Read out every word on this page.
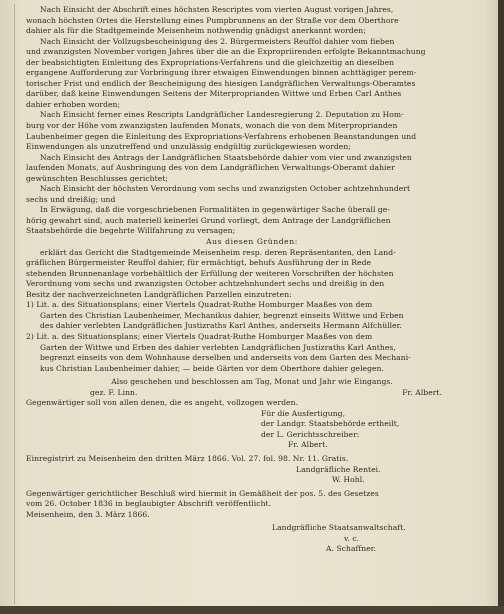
Nach Einsicht der Abschrift eines höchsten Rescriptes vom vierten August vorigen Jahres,
wonach höchsten Ortes die Herstellung eines Pumpbrunnens an der Straße vor dem Oberthore
dahier als für die Stadtgemeinde Meisenheim nothwendig gnädigst anerkannt worden;
Nach Einsicht der Vollzugsbescheinigung des 2. Bürgermeisters Reuffol dahier vom fieben
und zwanzigsten November vorigen Jahres über die an die Expropriirenden erfolgte Bekanntmachung
der beabsichtigten Einleitung des Expropriations-Verfahrens und die gleichzeitig an dieselben
ergangene Aufforderung zur Vorbringung ihrer etwaigen Einwendungen binnen achttägiger perem-
torischer Frist und endlich der Bescheinigung des hiesigen Landgräflichen Verwaltungs-Oberamtes
darüber, daß keine Einwendungen Seitens der Miterproprianden Wittwe und Erben Carl Anthes
dahier erhoben worden;
Nach Einsicht ferner eines Rescripts Landgräflicher Landesregierung 2. Deputation zu Hom-
burg vor der Höhe vom zwanzigsten laufenden Monats, wonach die von dem Miterproprianden
Laubenheimer gegen die Einleitung des Expropriations-Verfahrens erhobenen Beanstandungen und
Einwendungen als unzutreffend und unzulässig endgültig zurückgewiesen worden;
Nach Einsicht des Antrags der Landgräflichen Staatsbehörde dahier vom vier und zwanzigsten
laufenden Monats, auf Ausbringung des von dem Landgräflichen Verwaltungs-Oberamt dahier
gewünschten Beschlusses gerichtet;
Nach Einsicht der höchsten Verordnung vom sechs und zwanzigsten October achtzehnhundert
sechs und dreißig; und
In Erwägung, daß die vorgeschriebenen Formalitäten in gegenwärtiger Sache überall ge-
hörig gewahrt sind, auch materiell keinerlei Grund vorliegt, dem Antrage der Landgräflichen
Staatsbehörde die begehrte Willfahrung zu versagen;
Aus diesen Gründen:
erklärt das Gericht die Stadtgemeinde Meisenheim resp. deren Repräsentanten, den Land-
gräflichen Bürgermeister Reuffol dahier, für ermächtigt, behufs Ausführung der in Rede
stehenden Brunnenanlage vorbehältlich der Erfüllung der weiteren Vorschriften der höchsten
Verordnung vom sechs und zwanzigsten October achtzehnhundert sechs und dreißig in den
Besitz der nachverzeichneten Landgräflichen Parzellen einzutreten:
1) Lit. a. des Situationsplans; einer Viertels Quadrat-Ruthe Homburger Maaßes von dem
Garten des Christian Laubenheimer, Mechanikus dahier, begrenzt einseits Wittwe und Erben
des dahier verlebten Landgräflichen Justizraths Karl Anthes, anderseits Hermann Alfchüller.
2) Lit. a. des Situationsplans; einer Viertels Quadrat-Ruthe Homburger Maaßes von dem
Garten der Wittwe und Erben des dahier verlebten Landgräflichen Justizraths Karl Anthes,
begrenzt einseits von dem Wohnhause derselben und anderseits von dem Garten des Mechani-
kus Christian Laubenheimer dahier, — beide Gärten vor dem Oberthore dahier gelegen.
Also geschehen und beschlossen am Tag, Monat und Jahr wie Eingangs.
gez. F. Linn.	Fr. Albert.
Gegenwärtiger soll von allen denen, die es angeht, vollzogen werden.
Für die Ausfertigung,
der Landgr. Staatsbehörde ertheilt,
der L. Gerichtsschreiber:
Fr. Albert.
Einregistrirt zu Meisenheim den dritten März 1866. Vol. 27. fol. 98. Nr. 11. Gratis.
Landgräfliche Rentei.
W. Hohl.
Gegenwärtiger gerichtlicher Beschluß wird hiermit in Gemäßheit der pos. 5. des Gesetzes
vom 26. October 1836 in beglaubigter Abschrift veröffentlicht.
Meisenheim, den 3. März 1866.
Landgräfliche Staatsanwaltschaft.
v. c.
A. Schaffner.
